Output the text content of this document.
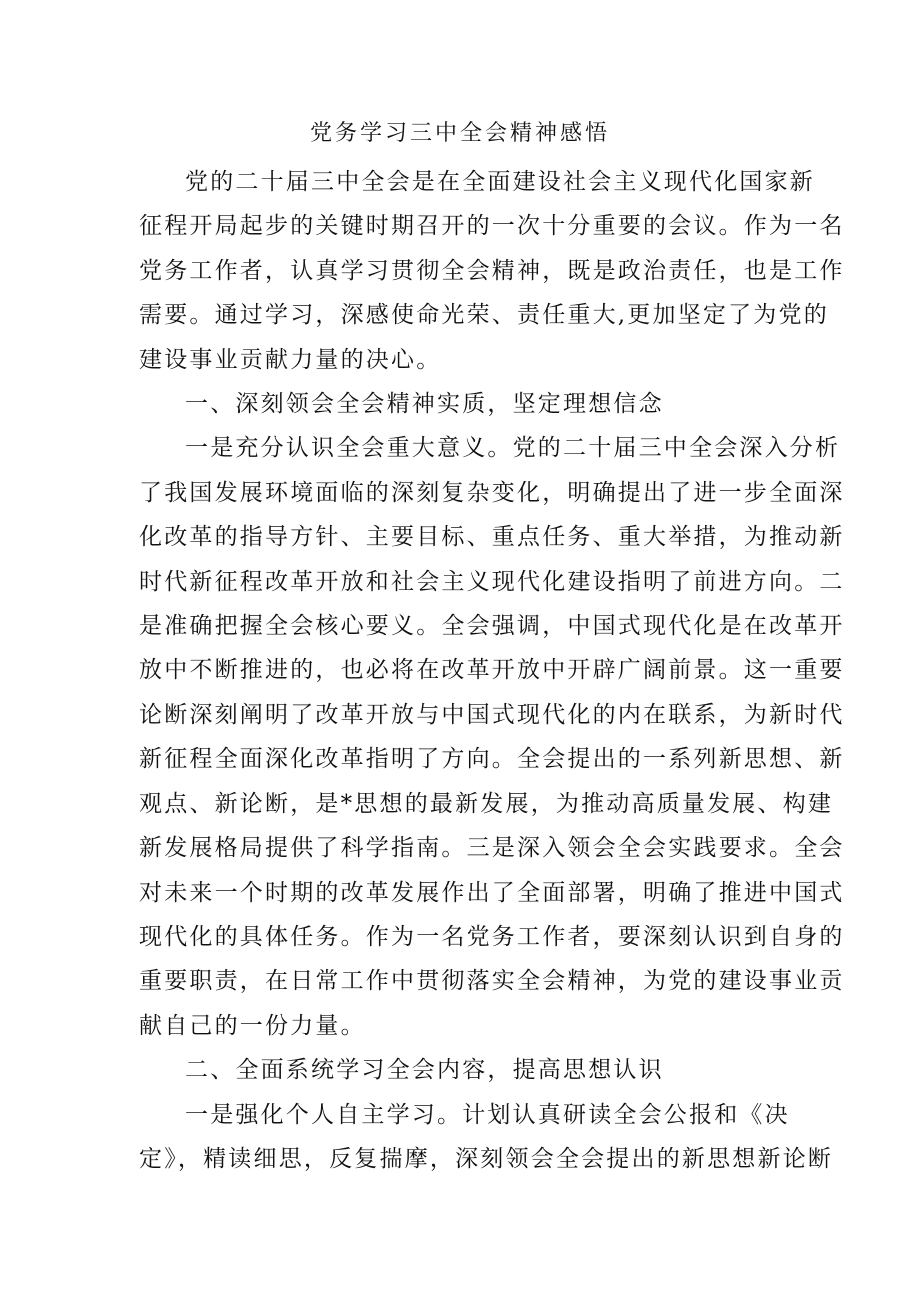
党务学习三中全会精神感悟

党的二十届三中全会是在全面建设社会主义现代化国家新
征程开局起步的关键时期召开的一次十分重要的会议。作为一名
党务工作者，认真学习贯彻全会精神，既是政治责任，也是工作
需要。通过学习，深感使命光荣、责任重大,更加坚定了为党的
建设事业贡献力量的决心。

一、深刻领会全会精神实质，坚定理想信念

一是充分认识全会重大意义。党的二十届三中全会深入分析
了我国发展环境面临的深刻复杂变化，明确提出了进一步全面深
化改革的指导方针、主要目标、重点任务、重大举措，为推动新
时代新征程改革开放和社会主义现代化建设指明了前进方向。二
是准确把握全会核心要义。全会强调，中国式现代化是在改革开
放中不断推进的，也必将在改革开放中开辟广阔前景。这一重要
论断深刻阐明了改革开放与中国式现代化的内在联系，为新时代
新征程全面深化改革指明了方向。全会提出的一系列新思想、新
观点、新论断，是*思想的最新发展，为推动高质量发展、构建
新发展格局提供了科学指南。三是深入领会全会实践要求。全会
对未来一个时期的改革发展作出了全面部署，明确了推进中国式
现代化的具体任务。作为一名党务工作者，要深刻认识到自身的
重要职责，在日常工作中贯彻落实全会精神，为党的建设事业贡
献自己的一份力量。

二、全面系统学习全会内容，提高思想认识

一是强化个人自主学习。计划认真研读全会公报和《决
定》，精读细思，反复揣摩，深刻领会全会提出的新思想新论断
